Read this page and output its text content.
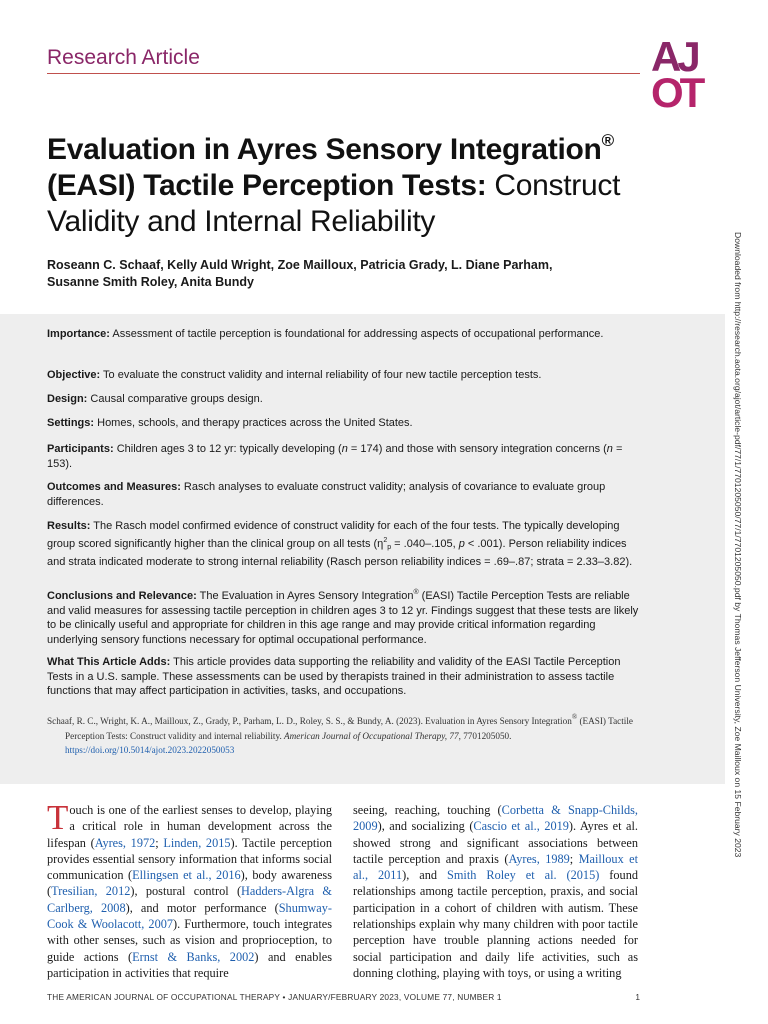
Research Article	AJ
OT
Evaluation in Ayres Sensory Integration®
(EASI) Tactile Perception Tests: Construct
Validity and Internal Reliability
Roseann C. Schaaf, Kelly Auld Wright, Zoe Mailloux, Patricia Grady, L. Diane Parham,
Susanne Smith Roley, Anita Bundy	Downloaded from http://research.aota.org/ajot/article-pdf/77/1/7701205050/77/1/7701205050.pdf by Thomas Jefferson University, Zoe Mailloux on 15 February 2023
Importance: Assessment of tactile perception is foundational for addressing aspects of occupational performance.
Objective: To evaluate the construct validity and internal reliability of four new tactile perception tests.
Design: Causal comparative groups design.
Settings: Homes, schools, and therapy practices across the United States.
Participants: Children ages 3 to 12 yr: typically developing (n = 174) and those with sensory integration concerns (n = 153).
Outcomes and Measures: Rasch analyses to evaluate construct validity; analysis of covariance to evaluate group differences.
Results: The Rasch model confirmed evidence of construct validity for each of the four tests. The typically developing group scored significantly higher than the clinical group on all tests ($\eta^2_p = .040-.105$, p < .001). Person reliability indices and strata indicated moderate to strong internal reliability (Rasch person reliability indices = .69–.87; strata = 2.33–3.82).
Conclusions and Relevance: The Evaluation in Ayres Sensory Integration® (EASI) Tactile Perception Tests are reliable and valid measures for assessing tactile perception in children ages 3 to 12 yr. Findings suggest that these tests are likely to be clinically useful and appropriate for children in this age range and may provide critical information regarding underlying sensory functions necessary for optimal occupational performance.
What This Article Adds: This article provides data supporting the reliability and validity of the EASI Tactile Perception Tests in a U.S. sample. These assessments can be used by therapists trained in their administration to assess tactile functions that may affect participation in activities, tasks, and occupations.
Schaaf, R. C., Wright, K. A., Mailloux, Z., Grady, P., Parham, L. D., Roley, S. S., & Bundy, A. (2023). Evaluation in Ayres Sensory Integration® (EASI) Tactile Perception Tests: Construct validity and internal reliability. American Journal of Occupational Therapy, 77, 7701205050. https://doi.org/10.5014/ajot.2023.2022050053
Touch is one of the earliest senses to develop, playing a critical role in human development across the lifespan (Ayres, 1972; Linden, 2015). Tactile perception provides essential sensory information that informs social communication (Ellingsen et al., 2016), body awareness (Tresilian, 2012), postural control (Hadders-Algra & Carlberg, 2008), and motor performance (Shumway-Cook & Woolacott, 2007). Furthermore, touch integrates with other senses, such as vision and proprioception, to guide actions (Ernst & Banks, 2002) and enables participation in activities that require
seeing, reaching, touching (Corbetta & Snapp-Childs, 2009), and socializing (Cascio et al., 2019). Ayres et al. showed strong and significant associations between tactile perception and praxis (Ayres, 1989; Mailloux et al., 2011), and Smith Roley et al. (2015) found relationships among tactile perception, praxis, and social participation in a cohort of children with autism. These relationships explain why many children with poor tactile perception have trouble planning actions needed for social participation and daily life activities, such as donning clothing, playing with toys, or using a writing
THE AMERICAN JOURNAL OF OCCUPATIONAL THERAPY • JANUARY/FEBRUARY 2023, VOLUME 77, NUMBER 1	1
